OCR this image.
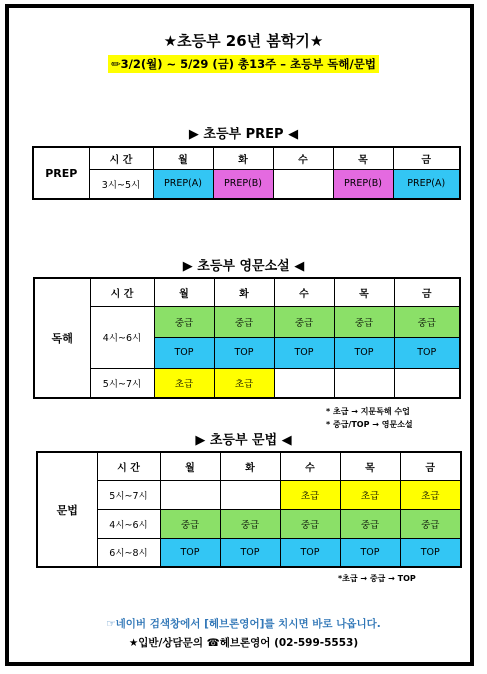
★초등부 26년 봄학기★
✏3/2(월) ~ 5/29 (금) 총13주 – 초등부 독해/문법
▶ 초등부 PREP ◀
PREP	시 간	월	화	수	목	금
	3시~5시	PREP(A)	PREP(B)		PREP(B)	PREP(A)
▶ 초등부 영문소설 ◀
독해	시 간	월	화	수	목	금
	4시~6시	중급	중급	중급	중급	중급
		TOP	TOP	TOP	TOP	TOP
	5시~7시	초급	초급			
* 초급 → 지문독해 수업
* 중급/TOP → 영문소설
▶ 초등부 문법 ◀
문법	시 간	월	화	수	목	금
	5시~7시			초급	초급	초급
	4시~6시	중급	중급	중급	중급	중급
	6시~8시	TOP	TOP	TOP	TOP	TOP
*초급 → 중급 → TOP
☞네이버 검색창에서 [헤브론영어]를 치시면 바로 나옵니다.
★입반/상담문의 ☎헤브론영어 (02-599-5553)
